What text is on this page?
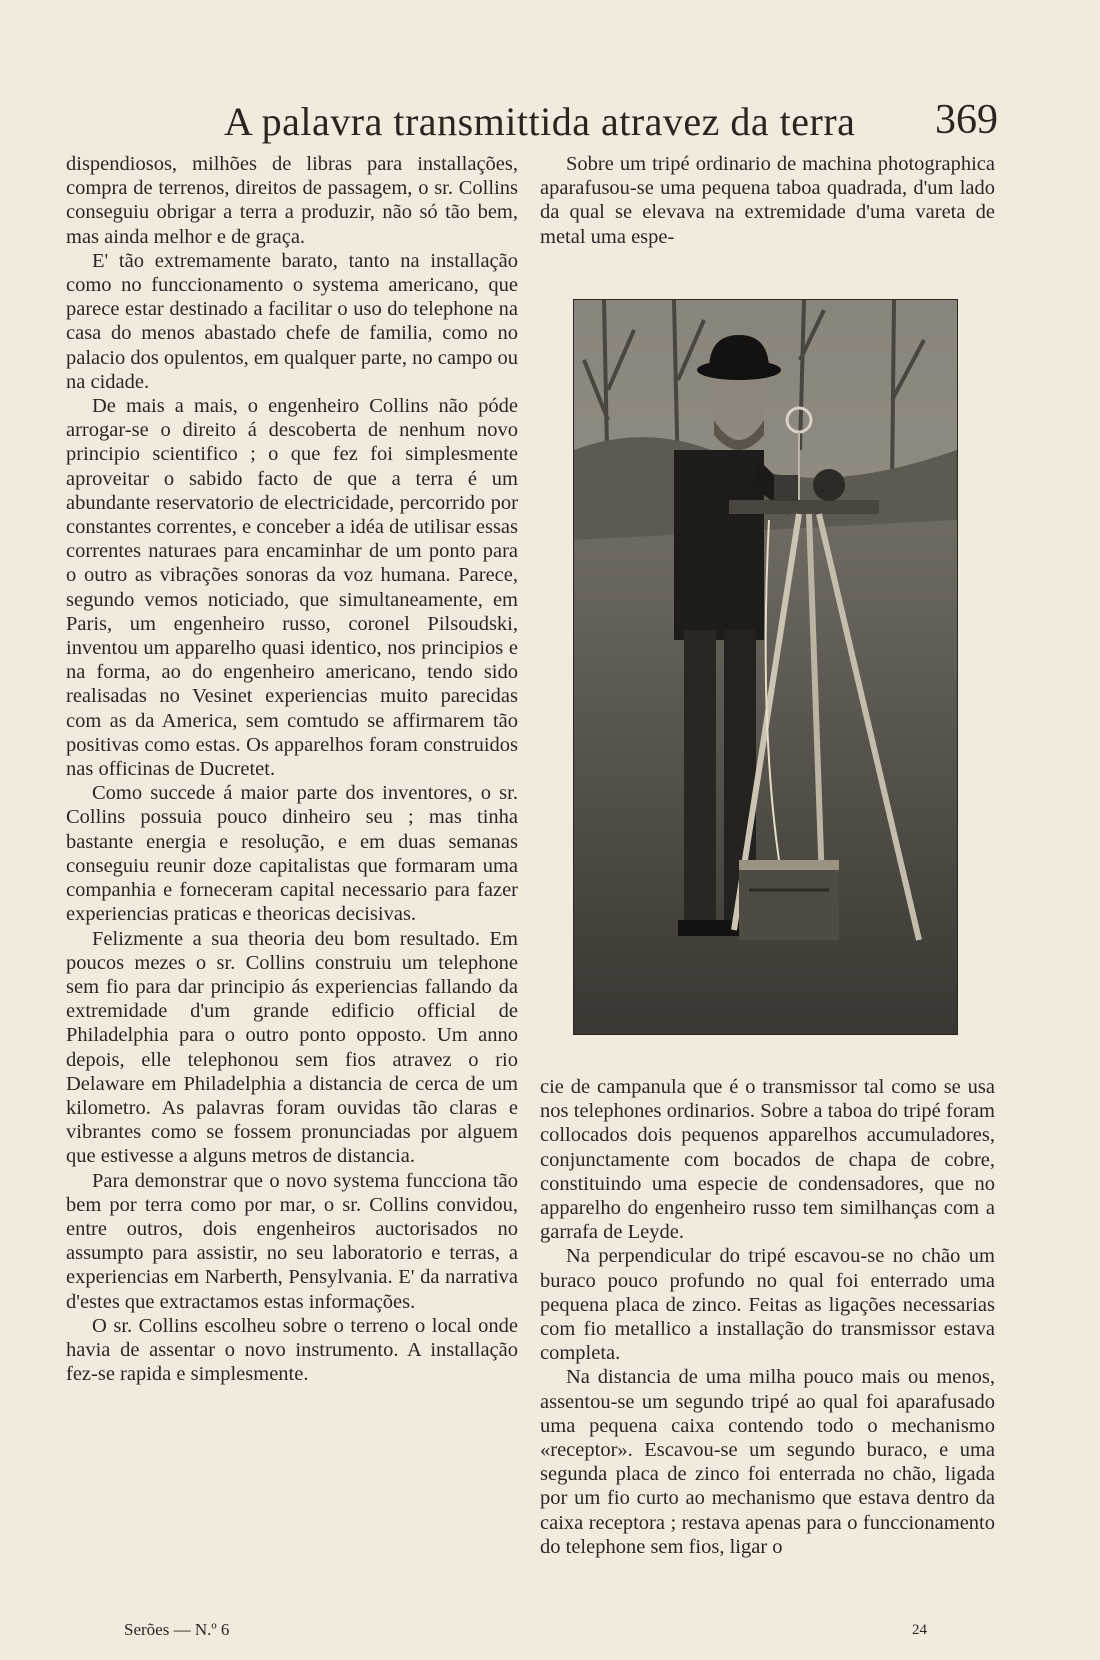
A palavra transmittida atravez da terra 369

dispendiosos, milhões de libras para installações, compra de terrenos, direitos de passagem, o sr. Collins conseguiu obrigar a terra a produzir, não só tão bem, mas ainda melhor e de graça.

E' tão extremamente barato, tanto na installação como no funccionamento o systema americano, que parece estar destinado a facilitar o uso do telephone na casa do menos abastado chefe de familia, como no palacio dos opulentos, em qualquer parte, no campo ou na cidade.

De mais a mais, o engenheiro Collins não póde arrogar-se o direito á descoberta de nenhum novo principio scientifico ; o que fez foi simplesmente aproveitar o sabido facto de que a terra é um abundante reservatorio de electricidade, percorrido por constantes correntes, e conceber a idéa de utilisar essas correntes naturaes para encaminhar de um ponto para o outro as vibrações sonoras da voz humana. Parece, segundo vemos noticiado, que simultaneamente, em Paris, um engenheiro russo, coronel Pilsoudski, inventou um apparelho quasi identico, nos principios e na forma, ao do engenheiro americano, tendo sido realisadas no Vesinet experiencias muito parecidas com as da America, sem comtudo se affirmarem tão positivas como estas. Os apparelhos foram construidos nas officinas de Ducretet.

Como succede á maior parte dos inventores, o sr. Collins possuia pouco dinheiro seu ; mas tinha bastante energia e resolução, e em duas semanas conseguiu reunir doze capitalistas que formaram uma companhia e forneceram capital necessario para fazer experiencias praticas e theoricas decisivas.

Felizmente a sua theoria deu bom resultado. Em poucos mezes o sr. Collins construiu um telephone sem fio para dar principio ás experiencias fallando da extremidade d'um grande edificio official de Philadelphia para o outro ponto opposto. Um anno depois, elle telephonou sem fios atravez o rio Delaware em Philadelphia a distancia de cerca de um kilometro. As palavras foram ouvidas tão claras e vibrantes como se fossem pronunciadas por alguem que estivesse a alguns metros de distancia.

Para demonstrar que o novo systema funcciona tão bem por terra como por mar, o sr. Collins convidou, entre outros, dois engenheiros auctorisados no assumpto para assistir, no seu laboratorio e terras, a experiencias em Narberth, Pensylvania. E' da narrativa d'estes que extractamos estas informações.

O sr. Collins escolheu sobre o terreno o local onde havia de assentar o novo instrumento. A installação fez-se rapida e simplesmente.

Sobre um tripé ordinario de machina photographica aparafusou-se uma pequena taboa quadrada, d'um lado da qual se elevava na extremidade d'uma vareta de metal uma espe-

cie de campanula que é o transmissor tal como se usa nos telephones ordinarios. Sobre a taboa do tripé foram collocados dois pequenos apparelhos accumuladores, conjunctamente com bocados de chapa de cobre, constituindo uma especie de condensadores, que no apparelho do engenheiro russo tem similhanças com a garrafa de Leyde.

Na perpendicular do tripé escavou-se no chão um buraco pouco profundo no qual foi enterrado uma pequena placa de zinco. Feitas as ligações necessarias com fio metallico a installação do transmissor estava completa.

Na distancia de uma milha pouco mais ou menos, assentou-se um segundo tripé ao qual foi aparafusado uma pequena caixa contendo todo o mechanismo «receptor». Escavou-se um segundo buraco, e uma segunda placa de zinco foi enterrada no chão, ligada por um fio curto ao mechanismo que estava dentro da caixa receptora ; restava apenas para o funccionamento do telephone sem fios, ligar o

Serões — N.º 6	24
